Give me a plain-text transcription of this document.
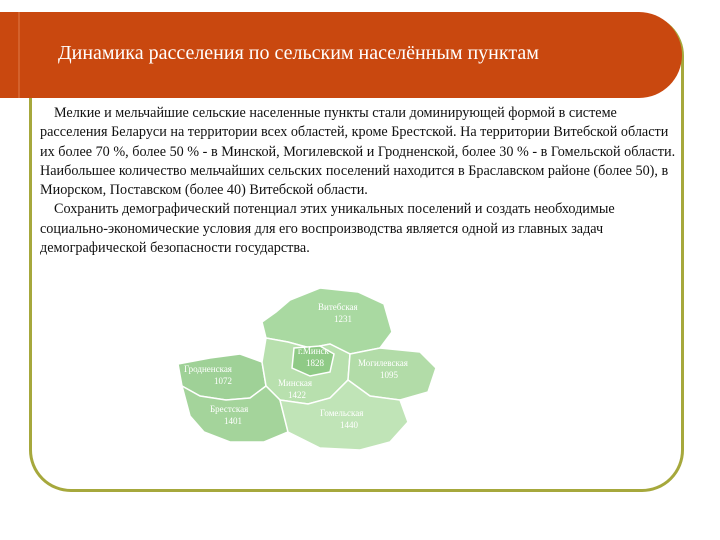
Динамика расселения по сельским населённым пунктам

Мелкие и мельчайшие сельские населенные пункты стали доминирующей формой в системе расселения Беларуси на территории всех областей, кроме Брестской. На территории Витебской области их более 70 %, более 50 % - в Минской, Могилевской и Гродненской, более 30 % - в Гомельской области. Наибольшее количество мельчайших сельских поселений находится в Браславском районе (более 50), в Миорском, Поставском (более 40) Витебской области.

Сохранить демографический потенциал этих уникальных поселений и создать необходимые социально-экономические условия для его воспроизводства является одной из главных задач демографической безопасности государства.

Витебская
1231
г.Минск
1828	Могилевская
1095
Гродненская
1072	Минская
1422
Брестская
1401
Гомельская
1440
